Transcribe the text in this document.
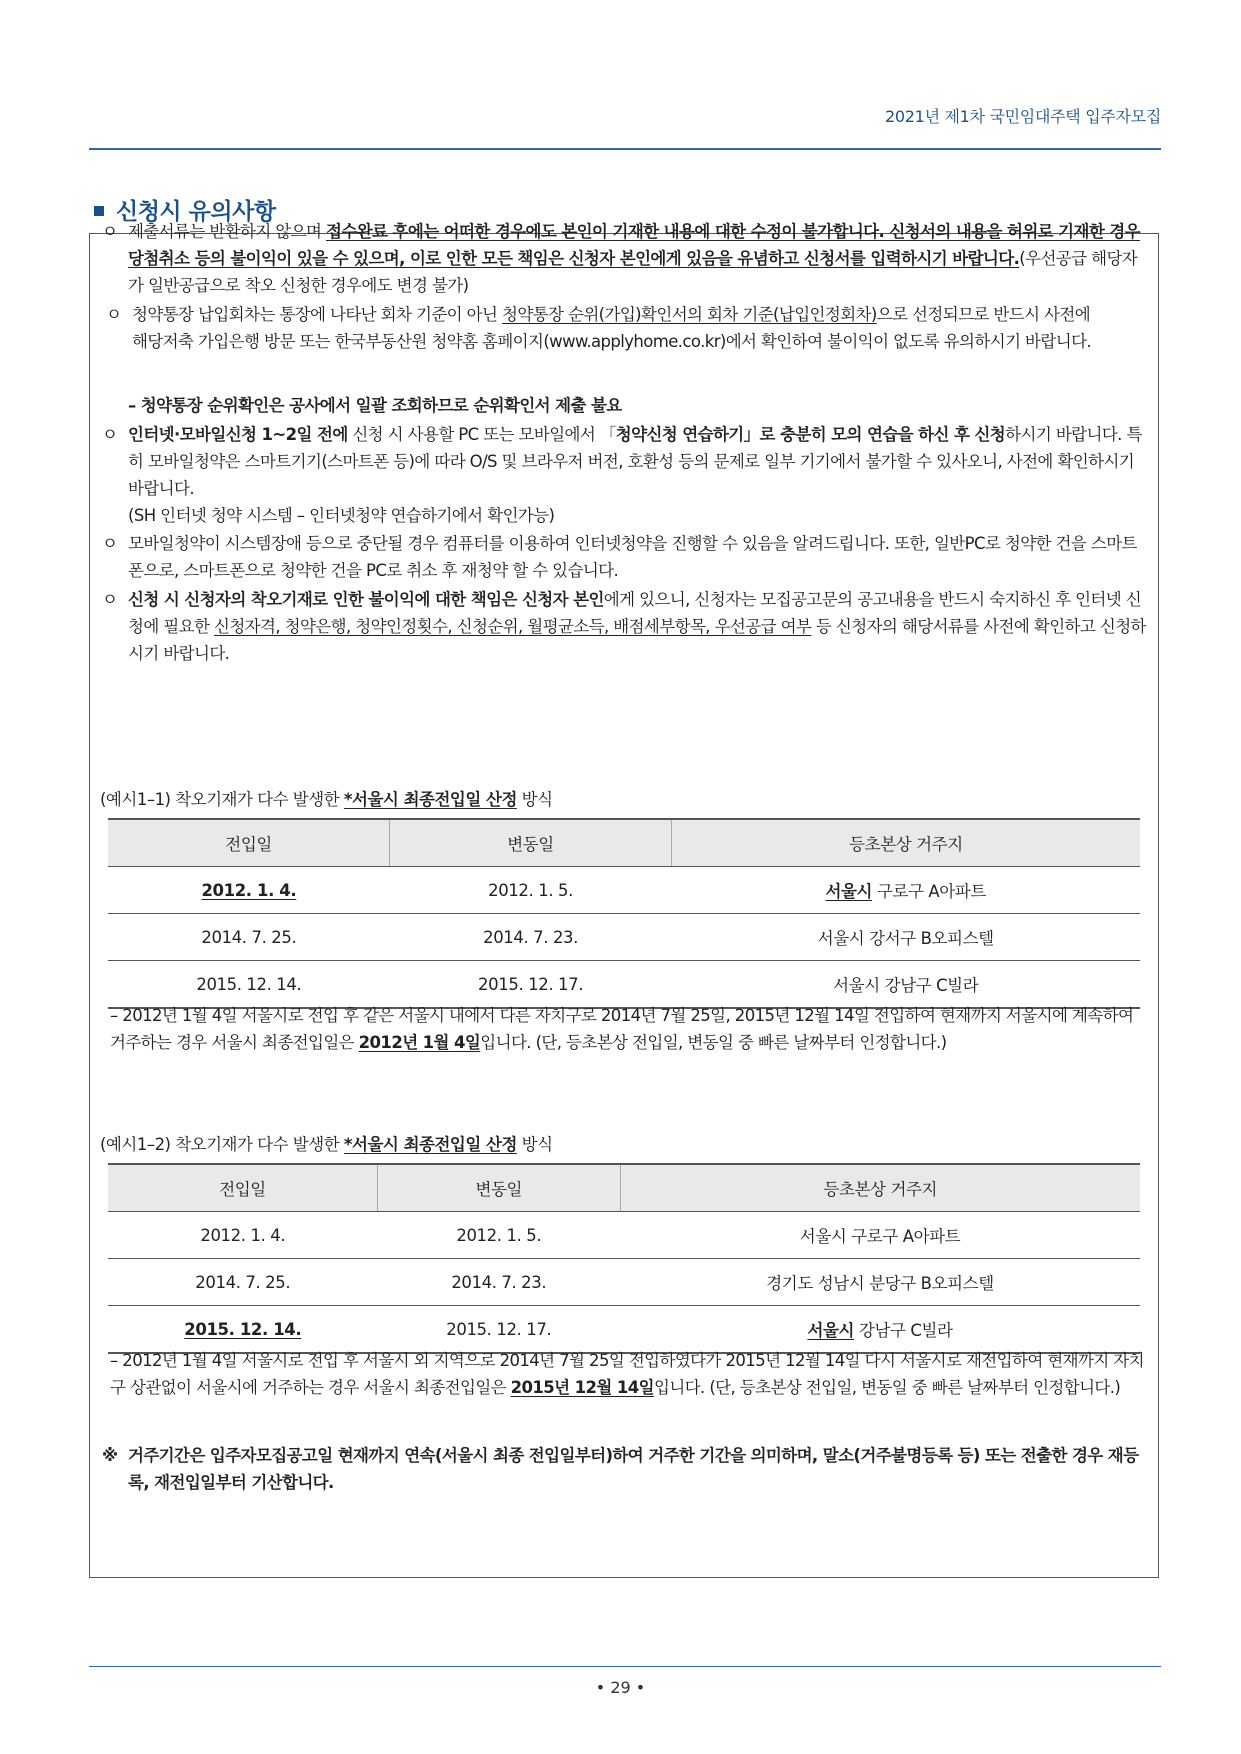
2021년 제1차 국민임대주택 입주자모집
신청시 유의사항
ㅇ 제출서류는 반환하지 않으며 접수완료 후에는 어떠한 경우에도 본인이 기재한 내용에 대한 수정이 불가합니다. 신청서의 내용을 허위로 기재한 경우 당첨취소 등의 불이익이 있을 수 있으며, 이로 인한 모든 책임은 신청자 본인에게 있음을 유념하고 신청서를 입력하시기 바랍니다.(우선공급 해당자가 일반공급으로 착오 신청한 경우에도 변경 불가)
ㅇ 청약통장 납입회차는 통장에 나타난 회차 기준이 아닌 청약통장 순위(가입)확인서의 회차 기준(납입인정회차)으로 선정되므로 반드시 사전에 해당저축 가입은행 방문 또는 한국부동산원 청약홈 홈페이지(www.applyhome.co.kr)에서 확인하여 불이익이 없도록 유의하시기 바랍니다.
– 청약통장 순위확인은 공사에서 일괄 조회하므로 순위확인서 제출 불요
ㅇ 인터넷·모바일신청 1~2일 전에 신청 시 사용할 PC 또는 모바일에서 「청약신청 연습하기」로 충분히 모의 연습을 하신 후 신청하시기 바랍니다. 특히 모바일청약은 스마트기기(스마트폰 등)에 따라 O/S 및 브라우저 버전, 호환성 등의 문제로 일부 기기에서 불가할 수 있사오니, 사전에 확인하시기 바랍니다.
(SH 인터넷 청약 시스템 – 인터넷청약 연습하기에서 확인가능)
ㅇ 모바일청약이 시스템장애 등으로 중단될 경우 컴퓨터를 이용하여 인터넷청약을 진행할 수 있음을 알려드립니다. 또한, 일반PC로 청약한 건을 스마트폰으로, 스마트폰으로 청약한 건을 PC로 취소 후 재청약 할 수 있습니다.
ㅇ 신청 시 신청자의 착오기재로 인한 불이익에 대한 책임은 신청자 본인에게 있으니, 신청자는 모집공고문의 공고내용을 반드시 숙지하신 후 인터넷 신청에 필요한 신청자격, 청약은행, 청약인정횟수, 신청순위, 월평균소득, 배점세부항목, 우선공급 여부 등 신청자의 해당서류를 사전에 확인하고 신청하시기 바랍니다.
(예시1–1) 착오기재가 다수 발생한 *서울시 최종전입일 산정 방식
전입일	변동일	등초본상 거주지
2012. 1. 4.	2012. 1. 5.	서울시 구로구 A아파트
2014. 7. 25.	2014. 7. 23.	서울시 강서구 B오피스텔
2015. 12. 14.	2015. 12. 17.	서울시 강남구 C빌라
– 2012년 1월 4일 서울시로 전입 후 같은 서울시 내에서 다른 자치구로 2014년 7월 25일, 2015년 12월 14일 전입하여 현재까지 서울시에 계속하여 거주하는 경우 서울시 최종전입일은 2012년 1월 4일입니다. (단, 등초본상 전입일, 변동일 중 빠른 날짜부터 인정합니다.)
(예시1–2) 착오기재가 다수 발생한 *서울시 최종전입일 산정 방식
전입일	변동일	등초본상 거주지
2012. 1. 4.	2012. 1. 5.	서울시 구로구 A아파트
2014. 7. 25.	2014. 7. 23.	경기도 성남시 분당구 B오피스텔
2015. 12. 14.	2015. 12. 17.	서울시 강남구 C빌라
– 2012년 1월 4일 서울시로 전입 후 서울시 외 지역으로 2014년 7월 25일 전입하였다가 2015년 12월 14일 다시 서울시로 재전입하여 현재까지 자치구 상관없이 서울시에 거주하는 경우 서울시 최종전입일은 2015년 12월 14일입니다. (단, 등초본상 전입일, 변동일 중 빠른 날짜부터 인정합니다.)
※ 거주기간은 입주자모집공고일 현재까지 연속(서울시 최종 전입일부터)하여 거주한 기간을 의미하며, 말소(거주불명등록 등) 또는 전출한 경우 재등록, 재전입일부터 기산합니다.
• 29 •
